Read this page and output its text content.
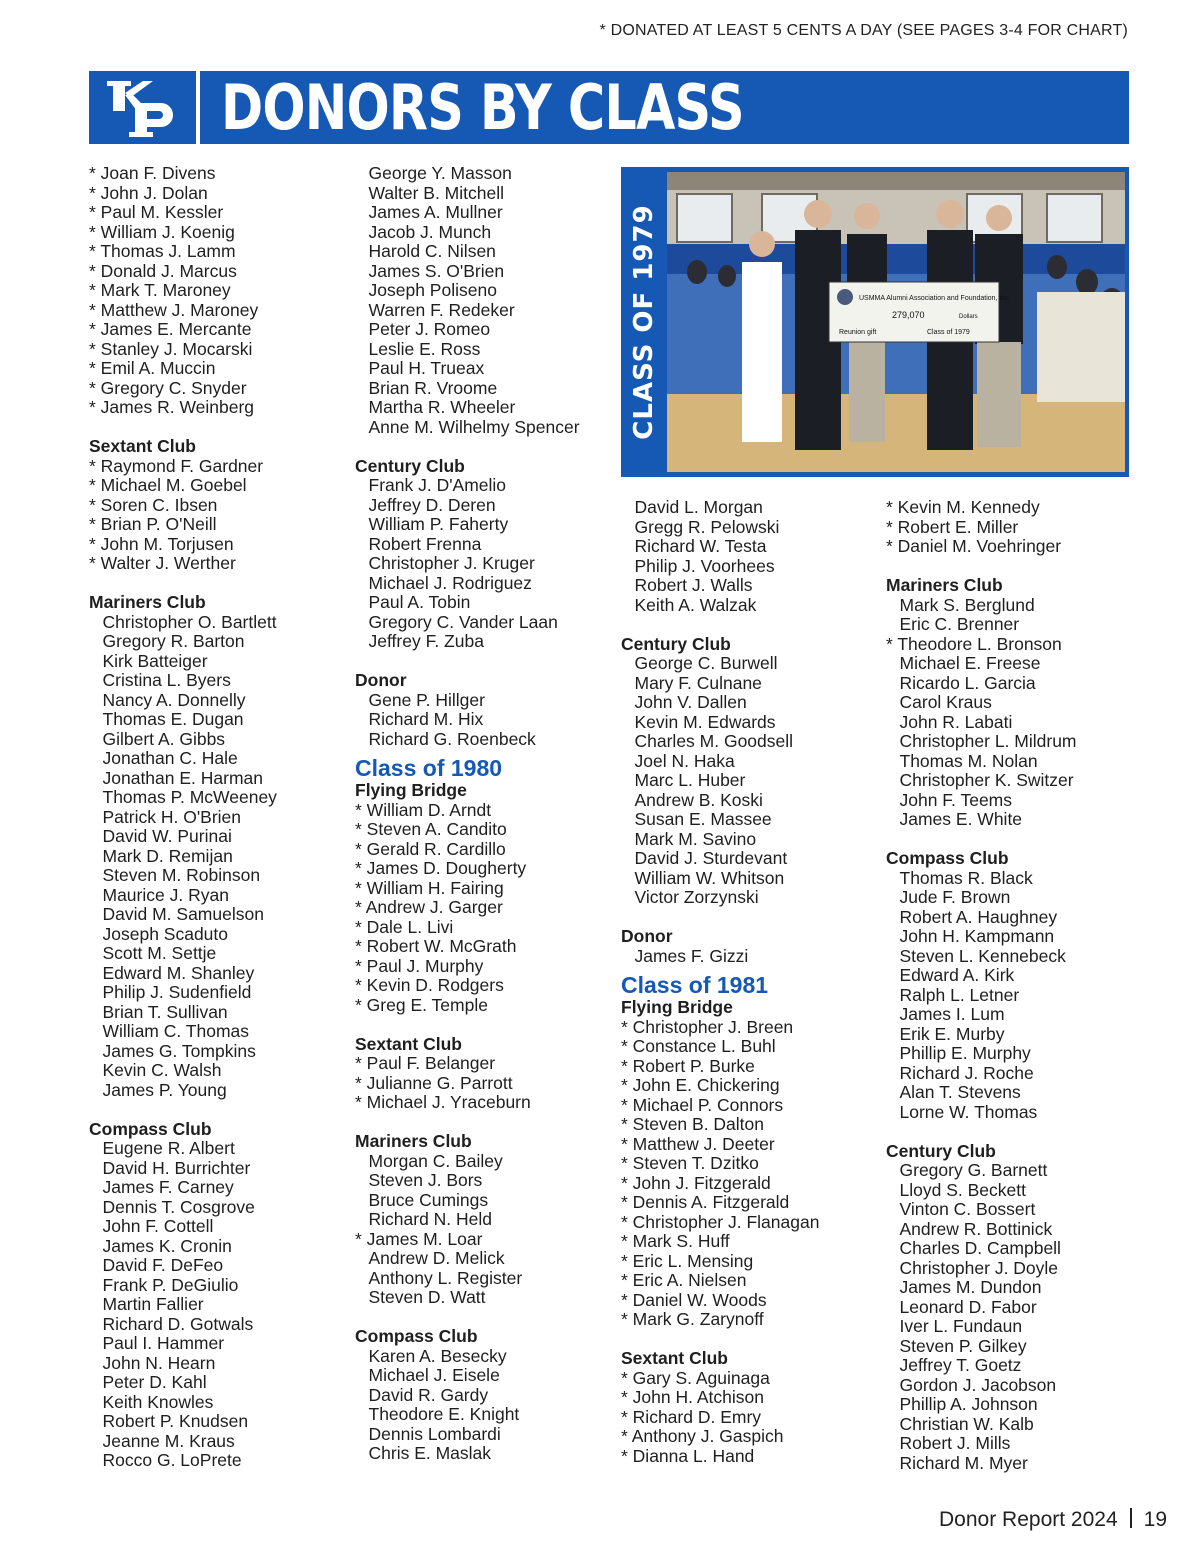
* DONATED AT LEAST 5 CENTS A DAY (SEE PAGES 3-4 FOR CHART)
DONORS BY CLASS
* Joan F. Divens
* John J. Dolan
* Paul M. Kessler
* William J. Koenig
* Thomas J. Lamm
* Donald J. Marcus
* Mark T. Maroney
* Matthew J. Maroney
* James E. Mercante
* Stanley J. Mocarski
* Emil A. Muccin
* Gregory C. Snyder
* James R. Weinberg
Sextant Club
* Raymond F. Gardner
* Michael M. Goebel
* Soren C. Ibsen
* Brian P. O'Neill
* John M. Torjusen
* Walter J. Werther
Mariners Club
Christopher O. Bartlett
Gregory R. Barton
Kirk Batteiger
Cristina L. Byers
Nancy A. Donnelly
Thomas E. Dugan
Gilbert A. Gibbs
Jonathan C. Hale
Jonathan E. Harman
Thomas P. McWeeney
Patrick H. O'Brien
David W. Purinai
Mark D. Remijan
Steven M. Robinson
Maurice J. Ryan
David M. Samuelson
Joseph Scaduto
Scott M. Settje
Edward M. Shanley
Philip J. Sudenfield
Brian T. Sullivan
William C. Thomas
James G. Tompkins
Kevin C. Walsh
James P. Young
Compass Club
Eugene R. Albert
David H. Burrichter
James F. Carney
Dennis T. Cosgrove
John F. Cottell
James K. Cronin
David F. DeFeo
Frank P. DeGiulio
Martin Fallier
Richard D. Gotwals
Paul I. Hammer
John N. Hearn
Peter D. Kahl
Keith Knowles
Robert P. Knudsen
Jeanne M. Kraus
Rocco G. LoPrete
George Y. Masson
Walter B. Mitchell
James A. Mullner
Jacob J. Munch
Harold C. Nilsen
James S. O'Brien
Joseph Poliseno
Warren F. Redeker
Peter J. Romeo
Leslie E. Ross
Paul H. Trueax
Brian R. Vroome
Martha R. Wheeler
Anne M. Wilhelmy Spencer
Century Club
Frank J. D'Amelio
Jeffrey D. Deren
William P. Faherty
Robert Frenna
Christopher J. Kruger
Michael J. Rodriguez
Paul A. Tobin
Gregory C. Vander Laan
Jeffrey F. Zuba
Donor
Gene P. Hillger
Richard M. Hix
Richard G. Roenbeck
Class of 1980
Flying Bridge
* William D. Arndt
* Steven A. Candito
* Gerald R. Cardillo
* James D. Dougherty
* William H. Fairing
* Andrew J. Garger
* Dale L. Livi
* Robert W. McGrath
* Paul J. Murphy
* Kevin D. Rodgers
* Greg E. Temple
Sextant Club
* Paul F. Belanger
* Julianne G. Parrott
* Michael J. Yraceburn
Mariners Club
Morgan C. Bailey
Steven J. Bors
Bruce Cumings
Richard N. Held
* James M. Loar
Andrew D. Melick
Anthony L. Register
Steven D. Watt
Compass Club
Karen A. Besecky
Michael J. Eisele
David R. Gardy
Theodore E. Knight
Dennis Lombardi
Chris E. Maslak
David L. Morgan
Gregg R. Pelowski
Richard W. Testa
Philip J. Voorhees
Robert J. Walls
Keith A. Walzak
Century Club
George C. Burwell
Mary F. Culnane
John V. Dallen
Kevin M. Edwards
Charles M. Goodsell
Joel N. Haka
Marc L. Huber
Andrew B. Koski
Susan E. Massee
Mark M. Savino
David J. Sturdevant
William W. Whitson
Victor Zorzynski
Donor
James F. Gizzi
Class of 1981
Flying Bridge
* Christopher J. Breen
* Constance L. Buhl
* Robert P. Burke
* John E. Chickering
* Michael P. Connors
* Steven B. Dalton
* Matthew J. Deeter
* Steven T. Dzitko
* John J. Fitzgerald
* Dennis A. Fitzgerald
* Christopher J. Flanagan
* Mark S. Huff
* Eric L. Mensing
* Eric A. Nielsen
* Daniel W. Woods
* Mark G. Zarynoff
Sextant Club
* Gary S. Aguinaga
* John H. Atchison
* Richard D. Emry
* Anthony J. Gaspich
* Dianna L. Hand
* Kevin M. Kennedy
* Robert E. Miller
* Daniel M. Voehringer
Mariners Club
Mark S. Berglund
Eric C. Brenner
* Theodore L. Bronson
Michael E. Freese
Ricardo L. Garcia
Carol Kraus
John R. Labati
Christopher L. Mildrum
Thomas M. Nolan
Christopher K. Switzer
John F. Teems
James E. White
Compass Club
Thomas R. Black
Jude F. Brown
Robert A. Haughney
John H. Kampmann
Steven L. Kennebeck
Edward A. Kirk
Ralph L. Letner
James I. Lum
Erik E. Murby
Phillip E. Murphy
Richard J. Roche
Alan T. Stevens
Lorne W. Thomas
Century Club
Gregory G. Barnett
Lloyd S. Beckett
Vinton C. Bossert
Andrew R. Bottinick
Charles D. Campbell
Christopher J. Doyle
James M. Dundon
Leonard D. Fabor
Iver L. Fundaun
Steven P. Gilkey
Jeffrey T. Goetz
Gordon J. Jacobson
Phillip A. Johnson
Christian W. Kalb
Robert J. Mills
Richard M. Myer
CLASS OF 1979	USMMA Alumni Association and Foundation, Inc.
279,070	Dollars
Reunion gift	Class of 1979
Donor Report 2024 19
